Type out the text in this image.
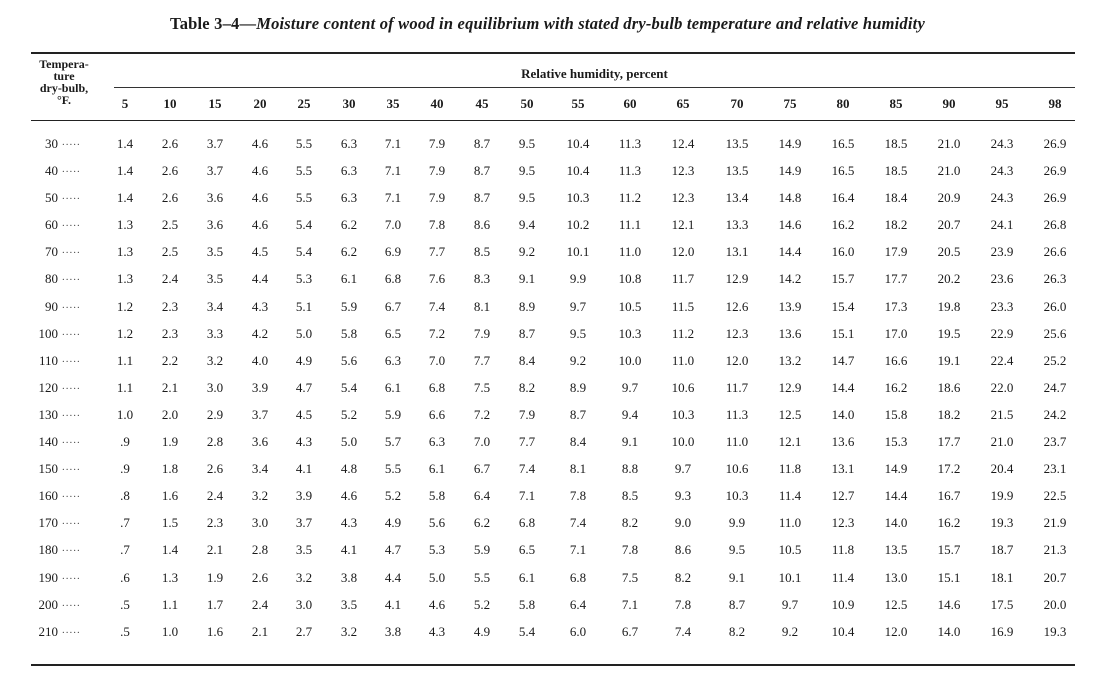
Table 3–4—Moisture content of wood in equilibrium with stated dry-bulb temperature and relative humidity
Tempera-
ture
dry-bulb,
°F.
Relative humidity, percent
5	10	15	20	25	30	35	40	45	50	55	60	65	70	75	80	85	90	95	98
30 .....	1.4	2.6	3.7	4.6	5.5	6.3	7.1	7.9	8.7	9.5	10.4	11.3	12.4	13.5	14.9	16.5	18.5	21.0	24.3	26.9
40 .....	1.4	2.6	3.7	4.6	5.5	6.3	7.1	7.9	8.7	9.5	10.4	11.3	12.3	13.5	14.9	16.5	18.5	21.0	24.3	26.9
50 .....	1.4	2.6	3.6	4.6	5.5	6.3	7.1	7.9	8.7	9.5	10.3	11.2	12.3	13.4	14.8	16.4	18.4	20.9	24.3	26.9
60 .....	1.3	2.5	3.6	4.6	5.4	6.2	7.0	7.8	8.6	9.4	10.2	11.1	12.1	13.3	14.6	16.2	18.2	20.7	24.1	26.8
70 .....	1.3	2.5	3.5	4.5	5.4	6.2	6.9	7.7	8.5	9.2	10.1	11.0	12.0	13.1	14.4	16.0	17.9	20.5	23.9	26.6
80 .....	1.3	2.4	3.5	4.4	5.3	6.1	6.8	7.6	8.3	9.1	9.9	10.8	11.7	12.9	14.2	15.7	17.7	20.2	23.6	26.3
90 .....	1.2	2.3	3.4	4.3	5.1	5.9	6.7	7.4	8.1	8.9	9.7	10.5	11.5	12.6	13.9	15.4	17.3	19.8	23.3	26.0
100 .....	1.2	2.3	3.3	4.2	5.0	5.8	6.5	7.2	7.9	8.7	9.5	10.3	11.2	12.3	13.6	15.1	17.0	19.5	22.9	25.6
110 .....	1.1	2.2	3.2	4.0	4.9	5.6	6.3	7.0	7.7	8.4	9.2	10.0	11.0	12.0	13.2	14.7	16.6	19.1	22.4	25.2
120 .....	1.1	2.1	3.0	3.9	4.7	5.4	6.1	6.8	7.5	8.2	8.9	9.7	10.6	11.7	12.9	14.4	16.2	18.6	22.0	24.7
130 .....	1.0	2.0	2.9	3.7	4.5	5.2	5.9	6.6	7.2	7.9	8.7	9.4	10.3	11.3	12.5	14.0	15.8	18.2	21.5	24.2
140 .....	.9	1.9	2.8	3.6	4.3	5.0	5.7	6.3	7.0	7.7	8.4	9.1	10.0	11.0	12.1	13.6	15.3	17.7	21.0	23.7
150 .....	.9	1.8	2.6	3.4	4.1	4.8	5.5	6.1	6.7	7.4	8.1	8.8	9.7	10.6	11.8	13.1	14.9	17.2	20.4	23.1
160 .....	.8	1.6	2.4	3.2	3.9	4.6	5.2	5.8	6.4	7.1	7.8	8.5	9.3	10.3	11.4	12.7	14.4	16.7	19.9	22.5
170 .....	.7	1.5	2.3	3.0	3.7	4.3	4.9	5.6	6.2	6.8	7.4	8.2	9.0	9.9	11.0	12.3	14.0	16.2	19.3	21.9
180 .....	.7	1.4	2.1	2.8	3.5	4.1	4.7	5.3	5.9	6.5	7.1	7.8	8.6	9.5	10.5	11.8	13.5	15.7	18.7	21.3
190 .....	.6	1.3	1.9	2.6	3.2	3.8	4.4	5.0	5.5	6.1	6.8	7.5	8.2	9.1	10.1	11.4	13.0	15.1	18.1	20.7
200 .....	.5	1.1	1.7	2.4	3.0	3.5	4.1	4.6	5.2	5.8	6.4	7.1	7.8	8.7	9.7	10.9	12.5	14.6	17.5	20.0
210 .....	.5	1.0	1.6	2.1	2.7	3.2	3.8	4.3	4.9	5.4	6.0	6.7	7.4	8.2	9.2	10.4	12.0	14.0	16.9	19.3
